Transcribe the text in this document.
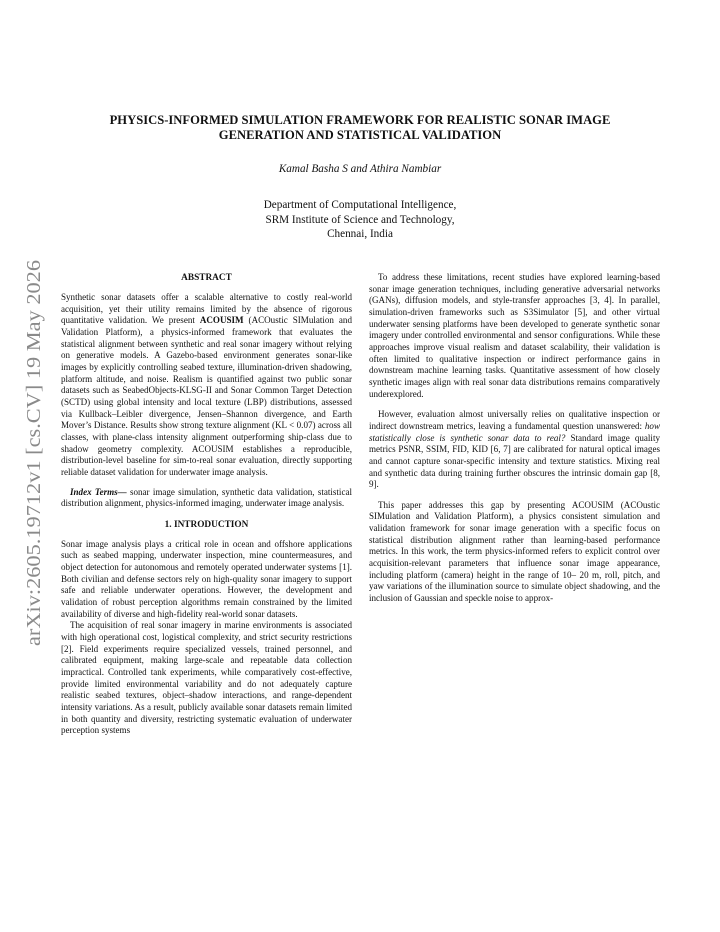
arXiv:2605.19712v1 [cs.CV] 19 May 2026
PHYSICS-INFORMED SIMULATION FRAMEWORK FOR REALISTIC SONAR IMAGE
GENERATION AND STATISTICAL VALIDATION
Kamal Basha S and Athira Nambiar
Department of Computational Intelligence,
SRM Institute of Science and Technology,
Chennai, India
ABSTRACT

Synthetic sonar datasets offer a scalable alternative to costly real-world acquisition, yet their utility remains limited by the absence of rigorous quantitative validation. We present ACOUSIM (ACOustic SIMulation and Validation Platform), a physics-informed framework that evaluates the statistical alignment between synthetic and real sonar imagery without relying on generative models. A Gazebo-based environment generates sonar-like images by explicitly controlling seabed texture, illumination-driven shadowing, platform altitude, and noise. Realism is quantified against two public sonar datasets such as SeabedObjects-KLSG-II and Sonar Common Target Detection (SCTD) using global intensity and local texture (LBP) distributions, assessed via Kullback–Leibler divergence, Jensen–Shannon divergence, and Earth Mover’s Distance. Results show strong texture alignment (KL < 0.07) across all classes, with plane-class intensity alignment outperforming ship-class due to shadow geometry complexity. ACOUSIM establishes a reproducible, distribution-level baseline for sim-to-real sonar evaluation, directly supporting reliable dataset validation for underwater image analysis.

Index Terms— sonar image simulation, synthetic data validation, statistical distribution alignment, physics-informed imaging, underwater image analysis.

1. INTRODUCTION

Sonar image analysis plays a critical role in ocean and offshore applications such as seabed mapping, underwater inspection, mine countermeasures, and object detection for autonomous and remotely operated underwater systems [1]. Both civilian and defense sectors rely on high-quality sonar imagery to support safe and reliable underwater operations. However, the development and validation of robust perception algorithms remain constrained by the limited availability of diverse and high-fidelity real-world sonar datasets.

The acquisition of real sonar imagery in marine environments is associated with high operational cost, logistical complexity, and strict security restrictions [2]. Field experiments require specialized vessels, trained personnel, and calibrated equipment, making large-scale and repeatable data collection impractical. Controlled tank experiments, while comparatively cost-effective, provide limited environmental variability and do not adequately capture realistic seabed textures, object–shadow interactions, and range-dependent intensity variations. As a result, publicly available sonar datasets remain limited in both quantity and diversity, restricting systematic evaluation of underwater perception systems

To address these limitations, recent studies have explored learning-based sonar image generation techniques, including generative adversarial networks (GANs), diffusion models, and style-transfer approaches [3, 4]. In parallel, simulation-driven frameworks such as S3Simulator [5], and other virtual underwater sensing platforms have been developed to generate synthetic sonar imagery under controlled environmental and sensor configurations. While these approaches improve visual realism and dataset scalability, their validation is often limited to qualitative inspection or indirect performance gains in downstream machine learning tasks. Quantitative assessment of how closely synthetic images align with real sonar data distributions remains comparatively underexplored.

However, evaluation almost universally relies on qualitative inspection or indirect downstream metrics, leaving a fundamental question unanswered: how statistically close is synthetic sonar data to real? Standard image quality metrics PSNR, SSIM, FID, KID [6, 7] are calibrated for natural optical images and cannot capture sonar-specific intensity and texture statistics. Mixing real and synthetic data during training further obscures the intrinsic domain gap [8, 9].

This paper addresses this gap by presenting ACOUSIM (ACOustic SIMulation and Validation Platform), a physics consistent simulation and validation framework for sonar image generation with a specific focus on statistical distribution alignment rather than learning-based performance metrics. In this work, the term physics-informed refers to explicit control over acquisition-relevant parameters that influence sonar image appearance, including platform (camera) height in the range of 10– 20 m, roll, pitch, and yaw variations of the illumination source to simulate object shadowing, and the inclusion of Gaussian and speckle noise to approx-
